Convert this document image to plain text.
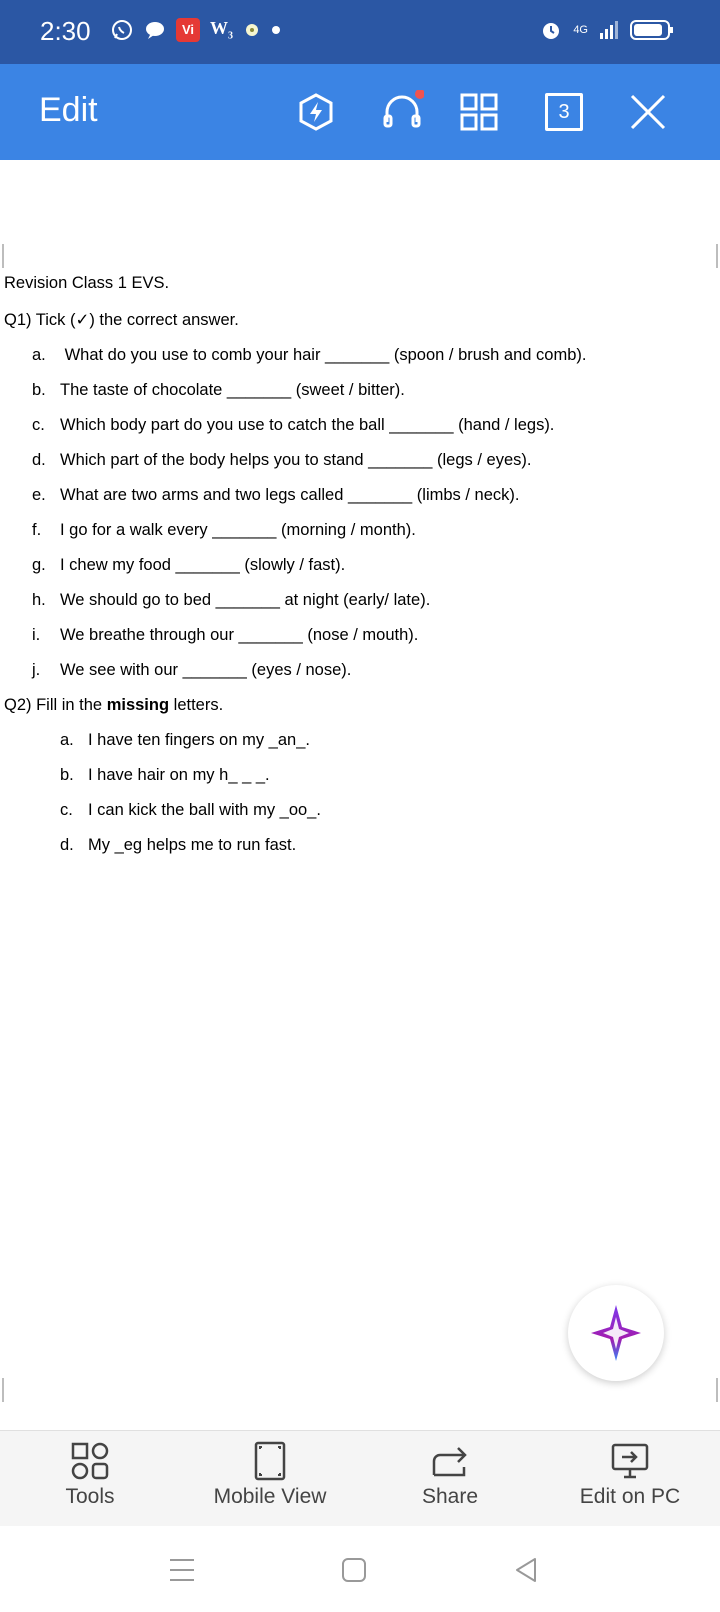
2:30	Vi $W_3$
4G
Edit	3
Revision Class 1 EVS.
Q1) Tick (✓) the correct answer.
a. What do you use to comb your hair _______ (spoon / brush and comb).
b. The taste of chocolate _______ (sweet / bitter).
c. Which body part do you use to catch the ball _______ (hand / legs).
d. Which part of the body helps you to stand _______ (legs / eyes).
e. What are two arms and two legs called _______ (limbs / neck).
f. I go for a walk every _______ (morning / month).
g. I chew my food _______ (slowly / fast).
h. We should go to bed _______ at night (early/ late).
i. We breathe through our _______ (nose / mouth).
j. We see with our _______ (eyes / nose).
Q2) Fill in the missing letters.
a. I have ten fingers on my _an_.
b. I have hair on my h_ _ _.
c. I can kick the ball with my _oo_.
d. My _eg helps me to run fast.
Tools	Mobile View	Share	Edit on PC
